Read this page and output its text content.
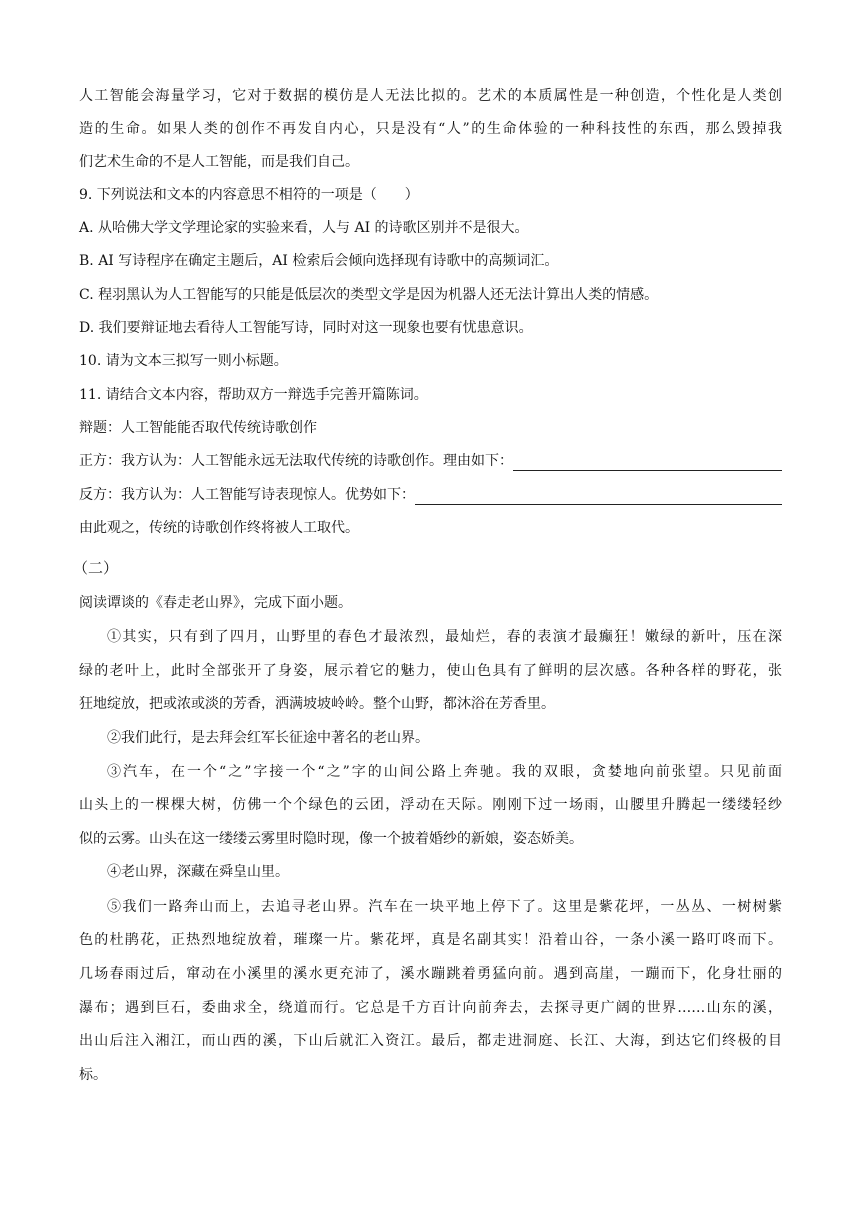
人工智能会海量学习，它对于数据的模仿是人无法比拟的。艺术的本质属性是一种创造，个性化是人类创
造的生命。如果人类的创作不再发自内心，只是没有“人”的生命体验的一种科技性的东西，那么毁掉我
们艺术生命的不是人工智能，而是我们自己。
9. 下列说法和文本的内容意思不相符的一项是（　　）
A. 从哈佛大学文学理论家的实验来看，人与 AI 的诗歌区别并不是很大。
B. AI 写诗程序在确定主题后，AI 检索后会倾向选择现有诗歌中的高频词汇。
C. 程羽黑认为人工智能写的只能是低层次的类型文学是因为机器人还无法计算出人类的情感。
D. 我们要辩证地去看待人工智能写诗，同时对这一现象也要有忧患意识。
10. 请为文本三拟写一则小标题。
11. 请结合文本内容，帮助双方一辩选手完善开篇陈词。
辩题：人工智能能否取代传统诗歌创作
正方：我方认为：人工智能永远无法取代传统的诗歌创作。理由如下：
反方：我方认为：人工智能写诗表现惊人。优势如下：
由此观之，传统的诗歌创作终将被人工取代。
（二）
阅读谭谈的《春走老山界》，完成下面小题。
①其实，只有到了四月，山野里的春色才最浓烈，最灿烂，春的表演才最癫狂！嫩绿的新叶，压在深
绿的老叶上，此时全部张开了身姿，展示着它的魅力，使山色具有了鲜明的层次感。各种各样的野花，张
狂地绽放，把或浓或淡的芳香，洒满坡坡岭岭。整个山野，都沐浴在芳香里。
②我们此行，是去拜会红军长征途中著名的老山界。
③汽车，在一个“之”字接一个“之”字的山间公路上奔驰。我的双眼，贪婪地向前张望。只见前面
山头上的一棵棵大树，仿佛一个个绿色的云团，浮动在天际。刚刚下过一场雨，山腰里升腾起一缕缕轻纱
似的云雾。山头在这一缕缕云雾里时隐时现，像一个披着婚纱的新娘，姿态娇美。
④老山界，深藏在舜皇山里。
⑤我们一路奔山而上，去追寻老山界。汽车在一块平地上停下了。这里是紫花坪，一丛丛、一树树紫
色的杜鹃花，正热烈地绽放着，璀璨一片。紫花坪，真是名副其实！沿着山谷，一条小溪一路叮咚而下。
几场春雨过后，窜动在小溪里的溪水更充沛了，溪水蹦跳着勇猛向前。遇到高崖，一蹦而下，化身壮丽的
瀑布；遇到巨石，委曲求全，绕道而行。它总是千方百计向前奔去，去探寻更广阔的世界……山东的溪，
出山后注入湘江，而山西的溪，下山后就汇入资江。最后，都走进洞庭、长江、大海，到达它们终极的目
标。
